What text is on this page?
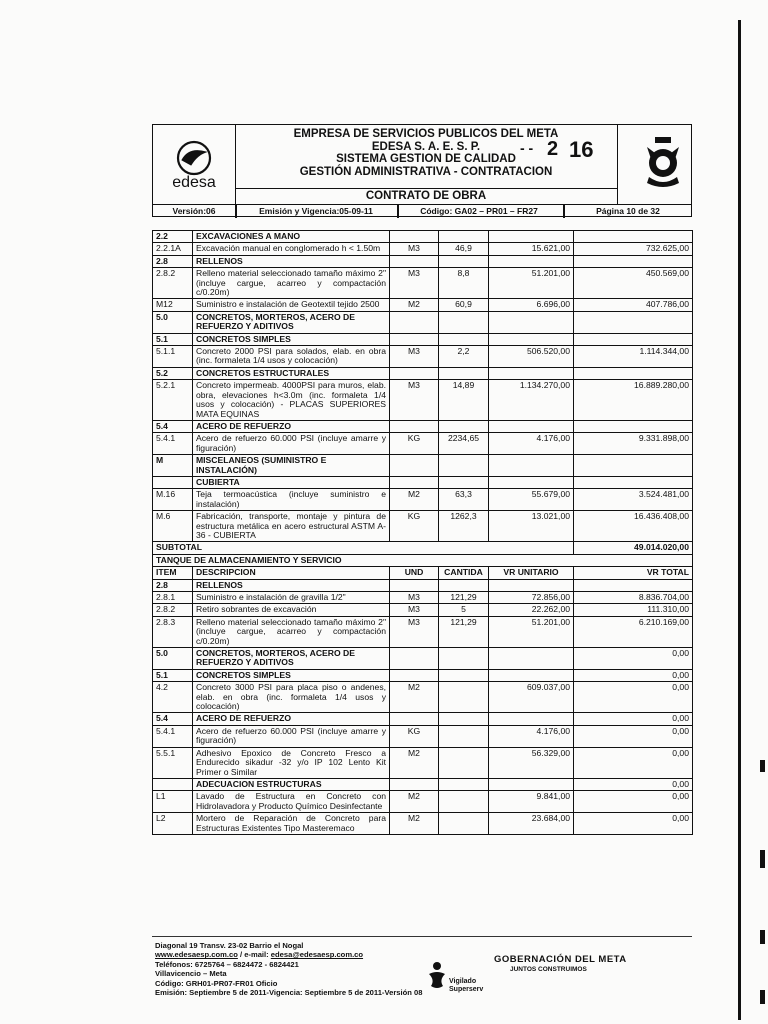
edesa
EMPRESA DE SERVICIOS PUBLICOS DEL META
EDESA S. A. E. S. P.
SISTEMA GESTION DE CALIDAD
GESTIÓN ADMINISTRATIVA - CONTRATACION
CONTRATO DE OBRA
Versión:06	Emisión y Vigencia:05-09-11	Código: GA02 – PR01 – FR27	Página 10 de 32
‑ ‑ 2 16
2.2	EXCAVACIONES A MANO				
2.2.1A	Excavación manual en conglomerado h < 1.50m	M3	46,9	15.621,00	732.625,00
2.8	RELLENOS				
2.8.2	Relleno material seleccionado tamaño máximo 2" (incluye cargue, acarreo y compactación c/0.20m)	M3	8,8	51.201,00	450.569,00
M12	Suministro e instalación de Geotextil tejido 2500	M2	60,9	6.696,00	407.786,00
5.0	CONCRETOS, MORTEROS, ACERO DE REFUERZO Y ADITIVOS				
5.1	CONCRETOS SIMPLES				
5.1.1	Concreto 2000 PSI para solados, elab. en obra (inc. formaleta 1/4 usos y colocación)	M3	2,2	506.520,00	1.114.344,00
5.2	CONCRETOS ESTRUCTURALES				
5.2.1	Concreto impermeab. 4000PSI para muros, elab. obra, elevaciones h<3.0m (inc. formaleta 1/4 usos y colocación) - PLACAS SUPERIORES MATA EQUINAS	M3	14,89	1.134.270,00	16.889.280,00
5.4	ACERO DE REFUERZO				
5.4.1	Acero de refuerzo 60.000 PSI (incluye amarre y figuración)	KG	2234,65	4.176,00	9.331.898,00
M	MISCELANEOS (SUMINISTRO E INSTALACIÓN)				
	CUBIERTA				
M.16	Teja termoacústica (incluye suministro e instalación)	M2	63,3	55.679,00	3.524.481,00
M.6	Fabricación, transporte, montaje y pintura de estructura metálica en acero estructural ASTM A-36 - CUBIERTA	KG	1262,3	13.021,00	16.436.408,00
SUBTOTAL					49.014.020,00
TANQUE DE ALMACENAMIENTO Y SERVICIO					
ITEM	DESCRIPCION	UND	CANTIDA	VR UNITARIO	VR TOTAL
2.8	RELLENOS				
2.8.1	Suministro e instalación de gravilla 1/2"	M3	121,29	72.856,00	8.836.704,00
2.8.2	Retiro sobrantes de excavación	M3	5	22.262,00	111.310,00
2.8.3	Relleno material seleccionado tamaño máximo 2" (incluye cargue, acarreo y compactación c/0.20m)	M3	121,29	51.201,00	6.210.169,00
5.0	CONCRETOS, MORTEROS, ACERO DE REFUERZO Y ADITIVOS				0,00
5.1	CONCRETOS SIMPLES				0,00
4.2	Concreto 3000 PSI para placa piso o andenes, elab. en obra (inc. formaleta 1/4 usos y colocación)	M2		609.037,00	0,00
5.4	ACERO DE REFUERZO				0,00
5.4.1	Acero de refuerzo 60.000 PSI (incluye amarre y figuración)	KG		4.176,00	0,00
5.5.1	Adhesivo Epoxico de Concreto Fresco a Endurecido sikadur -32 y/o IP 102 Lento Kit Primer o Similar	M2		56.329,00	0,00
	ADECUACION ESTRUCTURAS				0,00
L1	Lavado de Estructura en Concreto con Hidrolavadora y Producto Químico Desinfectante	M2		9.841,00	0,00
L2	Mortero de Reparación de Concreto para Estructuras Existentes Tipo Masteremaco	M2		23.684,00	0,00
Diagonal 19 Transv. 23-02 Barrio el Nogal
www.edesaesp.com.co / e-mail: edesa@edesaesp.com.co
Teléfonos: 6725764 – 6824472 - 6824421
Villavicencio – Meta
Código: GRH01-PR07-FR01 Oficio
Emisión: Septiembre 5 de 2011-Vigencia: Septiembre 5 de 2011-Versión 08
GOBERNACIÓN DEL META
JUNTOS CONSTRUIMOS
Vigilado
Superserv
